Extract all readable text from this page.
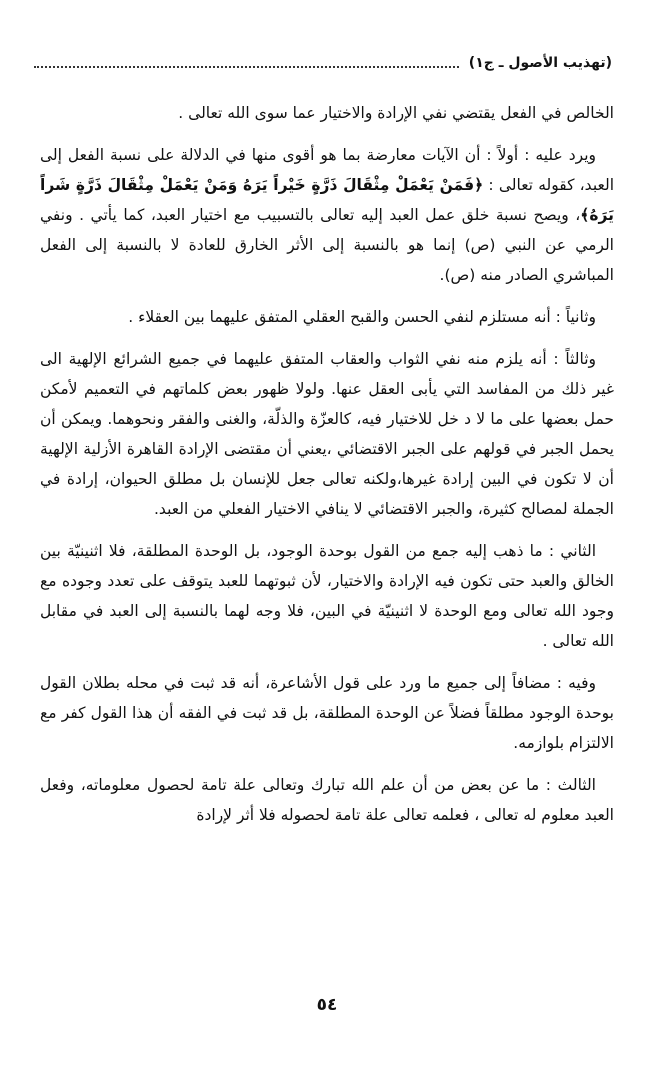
(تهذيب الأصول ـ ج١)

الخالص في الفعل يقتضي نفي الإرادة والاختيار عما سوى الله تعالى .

ويرد عليه : أولاً : أن الآيات معارضة بما هو أقوى منها في الدلالة على نسبة الفعل إلى العبد، كقوله تعالى : ﴿فَمَنْ يَعْمَلْ مِثْقَالَ ذَرَّةٍ خَيْراً يَرَهُ وَمَنْ يَعْمَلْ مِثْقَالَ ذَرَّةٍ شَراً يَرَهُ﴾، ويصح نسبة خلق عمل العبد إليه تعالى بالتسبيب مع اختيار العبد، كما يأتي . ونفي الرمي عن النبي (ص) إنما هو بالنسبة إلى الأثر الخارق للعادة لا بالنسبة إلى الفعل المباشري الصادر منه (ص).

وثانياً : أنه مستلزم لنفي الحسن والقبح العقلي المتفق عليهما بين العقلاء .

وثالثاً : أنه يلزم منه نفي الثواب والعقاب المتفق عليهما في جميع الشرائع الإلهية الى غير ذلك من المفاسد التي يأبى العقل عنها. ولولا ظهور بعض كلماتهم في التعميم لأمكن حمل بعضها على ما لا د خل للاختيار فيه، كالعزّة والذلّة، والغنى والفقر ونحوهما. ويمكن أن يحمل الجبر في قولهم على الجبر الاقتضائي ،يعني أن مقتضى الإرادة القاهرة الأزلية الإلهية أن لا تكون في البين إرادة غيرها،ولكنه تعالى جعل للإنسان بل مطلق الحيوان، إرادة في الجملة لمصالح كثيرة، والجبر الاقتضائي لا ينافي الاختيار الفعلي من العبد.

الثاني : ما ذهب إليه جمع من القول بوحدة الوجود، بل الوحدة المطلقة، فلا اثنينيّة بين الخالق والعبد حتى تكون فيه الإرادة والاختيار، لأن ثبوتهما للعبد يتوقف على تعدد وجوده مع وجود الله تعالى ومع الوحدة لا اثنينيّة في البين، فلا وجه لهما بالنسبة إلى العبد في مقابل الله تعالى .

وفيه : مضافاً إلى جميع ما ورد على قول الأشاعرة، أنه قد ثبت في محله بطلان القول بوحدة الوجود مطلقاً فضلاً عن الوحدة المطلقة، بل قد ثبت في الفقه أن هذا القول كفر مع الالتزام بلوازمه.

الثالث : ما عن بعض من أن علم الله تبارك وتعالى علة تامة لحصول معلوماته، وفعل العبد معلوم له تعالى ، فعلمه تعالى علة تامة لحصوله فلا أثر لإرادة

٥٤
